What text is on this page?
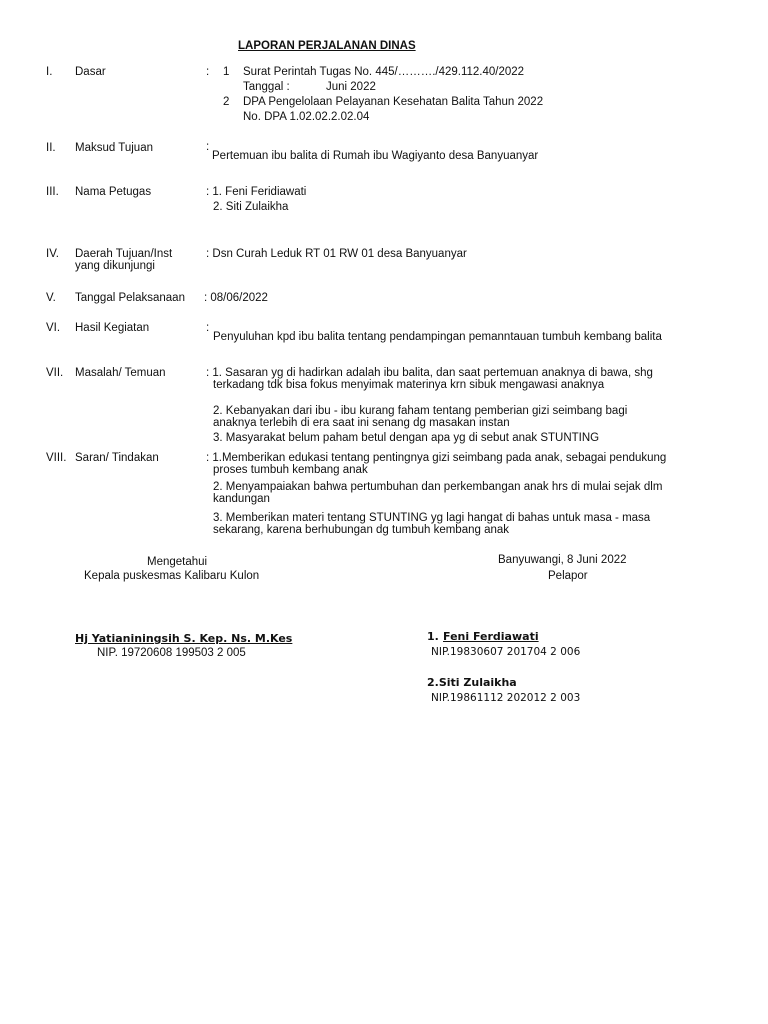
LAPORAN PERJALANAN DINAS
I. Dasar	: 1 Surat Perintah Tugas No. 445/………./429.112.40/2022
Tanggal :	Juni 2022
2 DPA Pengelolaan Pelayanan Kesehatan Balita Tahun 2022
No. DPA 1.02.02.2.02.04
II. Maksud Tujuan	:
Pertemuan ibu balita di Rumah ibu Wagiyanto desa Banyuanyar
III. Nama Petugas	: 1. Feni Feridiawati
2. Siti Zulaikha
IV. Daerah Tujuan/Inst
yang dikunjungi
: Dsn Curah Leduk RT 01 RW 01 desa Banyuanyar
V. Tanggal Pelaksanaan : 08/06/2022
VI. Hasil Kegiatan	:
Penyuluhan kpd ibu balita tentang pendampingan pemanntauan tumbuh kembang balita
VII. Masalah/ Temuan	: 1. Sasaran yg di hadirkan adalah ibu balita, dan saat pertemuan anaknya di bawa, shg
terkadang tdk bisa fokus menyimak materinya krn sibuk mengawasi anaknya
2. Kebanyakan dari ibu - ibu kurang faham tentang pemberian gizi seimbang bagi
anaknya terlebih di era saat ini senang dg masakan instan
3. Masyarakat belum paham betul dengan apa yg di sebut anak STUNTING
VIII. Saran/ Tindakan	: 1.Memberikan edukasi tentang pentingnya gizi seimbang pada anak, sebagai pendukung
proses tumbuh kembang anak
2. Menyampaiakan bahwa pertumbuhan dan perkembangan anak hrs di mulai sejak dlm
kandungan
3. Memberikan materi tentang STUNTING yg lagi hangat di bahas untuk masa - masa
sekarang, karena berhubungan dg tumbuh kembang anak
Mengetahui
Kepala puskesmas Kalibaru Kulon
Hj Yatianiningsih S. Kep. Ns. M.Kes
NIP. 19720608 199503 2 005
Banyuwangi, 8 Juni 2022
Pelapor
1. Feni Ferdiawati
NIP.19830607 201704 2 006
2.Siti Zulaikha
NIP.19861112 202012 2 003
